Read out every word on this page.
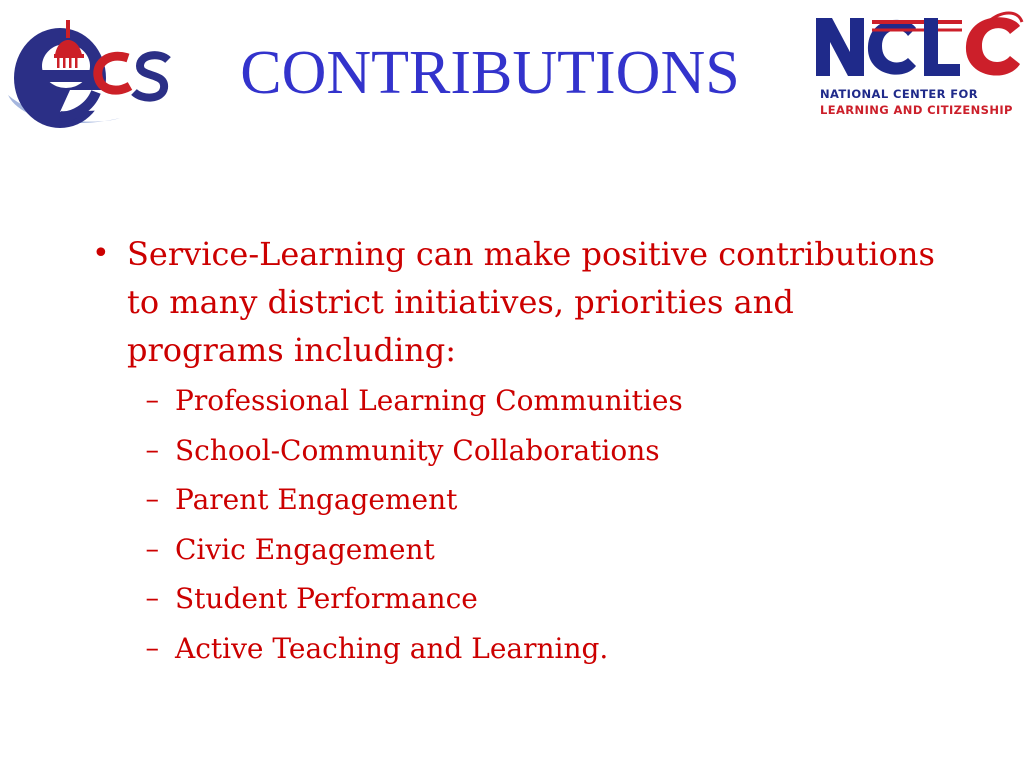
CONTRIBUTIONS	NATIONAL CENTER FOR
LEARNING AND CITIZENSHIP
• Service-Learning can make positive contributions to many district initiatives, priorities and programs including:
– Professional Learning Communities
– School-Community Collaborations
– Parent Engagement
– Civic Engagement
– Student Performance
– Active Teaching and Learning.
